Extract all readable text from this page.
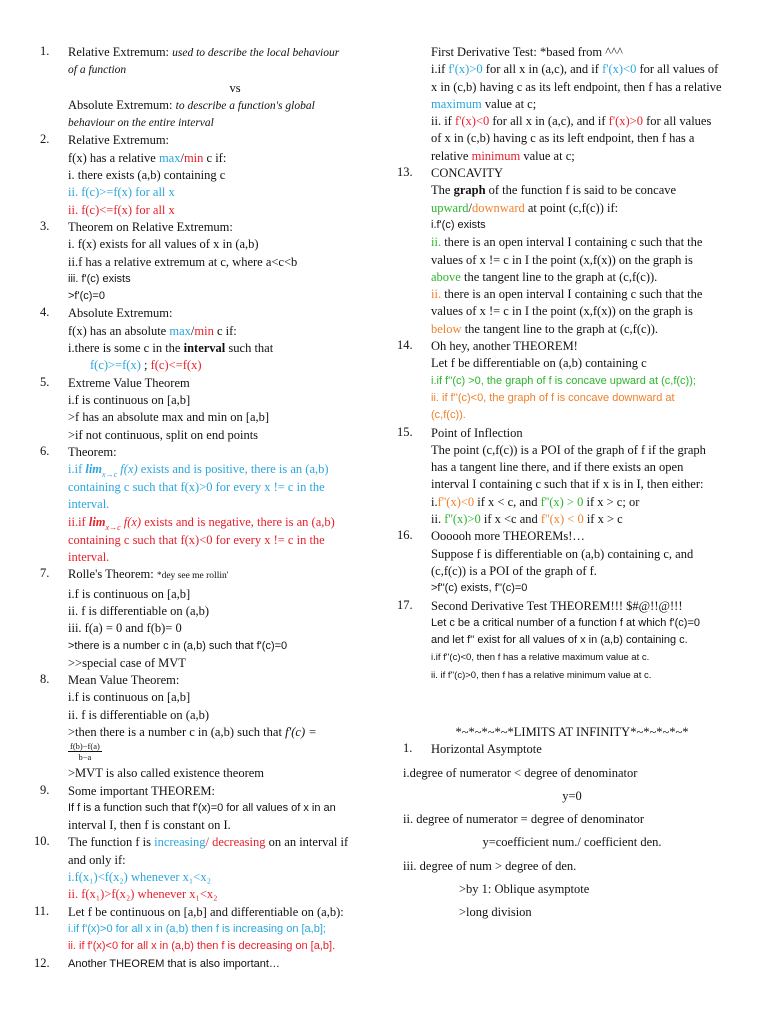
1. Relative Extremum: used to describe the local behaviour
of a function
vs
Absolute Extremum: to describe a function's global
behaviour on the entire interval
2. Relative Extremum:
f(x) has a relative max/min c if:
i. there exists (a,b) containing c
ii. f(c)>=f(x) for all x
ii. f(c)<=f(x) for all x
3. Theorem on Relative Extremum:
i. f(x) exists for all values of x in (a,b)
ii.f has a relative extremum at c, where a<c<b
iii. f'(c) exists
>f'(c)=0
4. Absolute Extremum:
f(x) has an absolute max/min c if:
i.there is some c in the interval such that
f(c)>=f(x) ; f(c)<=f(x)
5. Extreme Value Theorem
i.f is continuous on [a,b]
>f has an absolute max and min on [a,b]
>if not continuous, split on end points
6. Theorem:
i.if limx→c f(x) exists and is positive, there is an (a,b)
containing c such that f(x)>0 for every x != c in the
interval.
ii.if limx→c f(x) exists and is negative, there is an (a,b)
containing c such that f(x)<0 for every x != c in the
interval.
7. Rolle's Theorem: *dey see me rollin'
i.f is continuous on [a,b]
ii. f is differentiable on (a,b)
iii. f(a) = 0 and f(b)= 0
>there is a number c in (a,b) such that f'(c)=0
>>special case of MVT
8. Mean Value Theorem:
i.f is continuous on [a,b]
ii. f is differentiable on (a,b)
>then there is a number c in (a,b) such that f′(c) =
$\frac{f(b)-f(a)}{b-a}$
>MVT is also called existence theorem
9. Some important THEOREM:
If f is a function such that f'(x)=0 for all values of x in an
interval I, then f is constant on I.
10. The function f is increasing/ decreasing on an interval if
and only if:
i.f(x₁)<f(x₂) whenever x₁<x₂
ii. f(x₁)>f(x₂) whenever x₁<x₂
11. Let f be continuous on [a,b] and differentiable on (a,b):
i.if f'(x)>0 for all x in (a,b) then f is increasing on [a,b];
ii. if f'(x)<0 for all x in (a,b) then f is decreasing on [a,b].
12. Another THEOREM that is also important…
First Derivative Test: *based from ^^^
i.if f'(x)>0 for all x in (a,c), and if f'(x)<0 for all values of
x in (c,b) having c as its left endpoint, then f has a relative
maximum value at c;
ii. if f'(x)<0 for all x in (a,c), and if f'(x)>0 for all values
of x in (c,b) having c as its left endpoint, then f has a
relative minimum value at c;
13. CONCAVITY
The graph of the function f is said to be concave
upward/downward at point (c,f(c)) if:
i.f'(c) exists
ii. there is an open interval I containing c such that the
values of x != c in I the point (x,f(x)) on the graph is
above the tangent line to the graph at (c,f(c)).
ii. there is an open interval I containing c such that the
values of x != c in I the point (x,f(x)) on the graph is
below the tangent line to the graph at (c,f(c)).
14. Oh hey, another THEOREM!
Let f be differentiable on (a,b) containing c
i.if f''(c) >0, the graph of f is concave upward at (c,f(c));
ii. if f''(c)<0, the graph of f is concave downward at
(c,f(c)).
15. Point of Inflection
The point (c,f(c)) is a POI of the graph of f if the graph
has a tangent line there, and if there exists an open
interval I containing c such that if x is in I, then either:
i.f''(x)<0 if x < c, and f''(x) > 0 if x > c; or
ii. f''(x)>0 if x <c and f''(x) < 0 if x > c
16. Oooooh more THEOREMs!…
Suppose f is differentiable on (a,b) containing c, and
(c,f(c)) is a POI of the graph of f.
>f''(c) exists, f''(c)=0
17. Second Derivative Test THEOREM!!! $#@!!@!!!
Let c be a critical number of a function f at which f'(c)=0
and let f'' exist for all values of x in (a,b) containing c.
i.if f''(c)<0, then f has a relative maximum value at c.
ii. if f''(c)>0, then f has a relative minimum value at c.
*~*~*~*~*LIMITS AT INFINITY*~*~*~*~*
1. Horizontal Asymptote
i.degree of numerator < degree of denominator
y=0
ii. degree of numerator = degree of denominator
y=coefficient num./ coefficient den.
iii. degree of num > degree of den.
>by 1: Oblique asymptote
>long division
